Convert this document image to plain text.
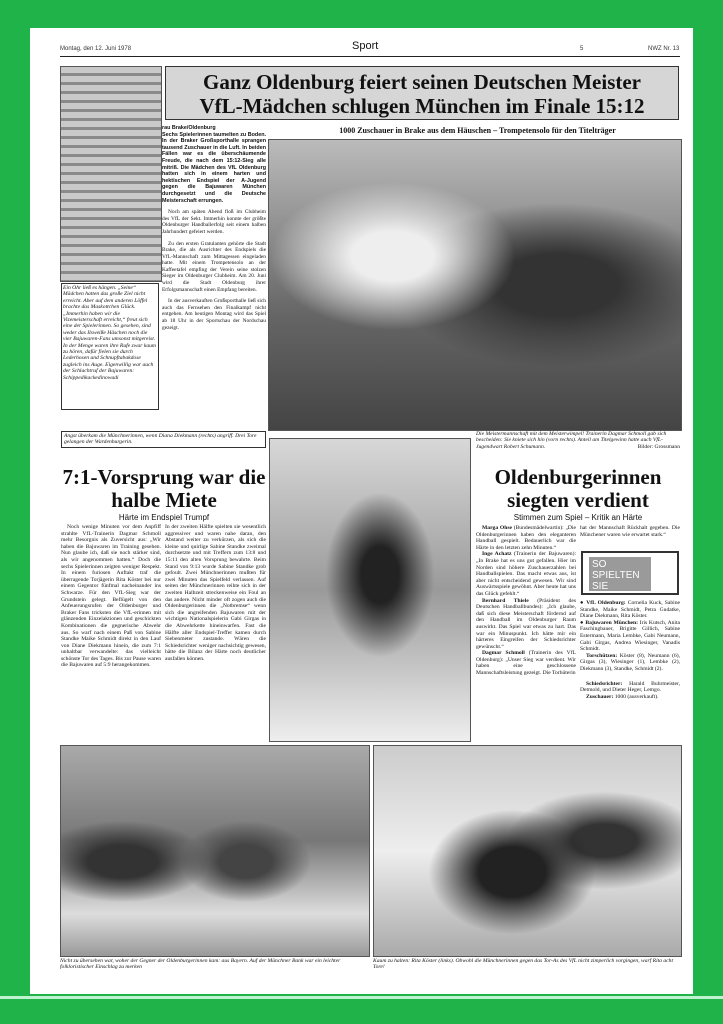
Montag, den 12. Juni 1978	Sport	5	NWZ Nr. 13
Ein Ohr ließ es hängen. „Seine“ Mädchen hatten das große Ziel nicht erreicht. Aber auf dem anderen Löffel brachte das Maskottchen Glück. „Immerhin haben wir die Vizemeisterschaft erreicht,“ freut sich eine der Spielerinnen. So gesehen, sind weder das Ilsweiße Häschen noch die vier Bajuwaren-Fans umsonst mitgereist. In der Menge waren ihre Rufe zwar kaum zu hören, dafür fielen sie durch Lederhosen und Schnupftabakdose zugleich ins Auge. Eigenwillig war auch der Schlachtruf der Bajuwaren: Schippedikackedinowadi
Ganz Oldenburg feiert seinen Deutschen Meister
VfL-Mädchen schlugen München im Finale 15:12
rau Brake/Oldenburg
Sechs Spielerinnen taumelten zu Boden. In der Braker Großsporthalle sprangen tausend Zuschauer in die Luft. In beiden Fällen war es die überschäumende Freude, die nach dem 15:12-Sieg alle mitriß. Die Mädchen des VfL Oldenburg hatten sich in einem harten und hektischen Endspiel der A-Jugend gegen die Bajuwaren München durchgesetzt und die Deutsche Meisterschaft errungen.
Noch am späten Abend floß im Clubheim des VfL der Sekt. Immerhin konnte der größte Oldenburger Handballerfolg seit einem halben Jahrhundert gefeiert werden.
Zu den ersten Gratulanten gehörte die Stadt Brake, die als Ausrichter des Endspiels die VfL-Mannschaft zum Mittagessen eingeladen hatte. Mit einem Trompetensolo an der Kaffeetafel empfing der Verein seine stolzen Sieger im Oldenburger Clubheim. Am 20. Juni wird die Stadt Oldenburg ihrer Erfolgsmannschaft einen Empfang bereiten.
In der ausverkauften Großsporthalle ließ sich auch das Fernsehen den Finalkampf nicht entgehen. Am heutigen Montag wird das Spiel ab 18 Uhr in der Sportschau der Nordschau gezeigt.
1000 Zuschauer in Brake aus dem Häuschen – Trompetensolo für den Titelträger
Angst überkam die Münchnerinnen, wenn Diana Diekmann (rechts) angriff. Drei Tore gelangen der Wardenburgerin.
Die Meistermannschaft mit dem Meisterwimpel! Trainerin Dagmar Schmoll gab sich bescheiden: Sie kniete sich hin (vorn rechts). Anteil am Titelgewinn hatte auch VfL-Jugendwart Robert Schumann.	Bilder: Grossmann
7:1-Vorsprung war die halbe Miete
Härte im Endspiel Trumpf
Noch wenige Minuten vor dem Anpfiff strahlte VfL-Trainerin Dagmar Schmoll mehr Besorgnis als Zuversicht aus: „Wir haben die Bajuwaren im Training gesehen. Nun glaube ich, daß sie noch stärker sind, als wir angenommen hatten.“ Doch die sechs Spielerinnen zeigten weniger Respekt. In einem furiosen Auftakt traf die überragende Torjägerin Rita Köster bei nur einem Gegentor fünfmal nacheinander ins Schwarze. Für den VfL-Sieg war der Grundstein gelegt. Beflügelt von den Anfeuerungsrufen der Oldenburger und Braker Fans tricksten die VfL-erinnen mit glänzenden Einzelaktionen und geschickten Kombinationen die gegnerische Abwehr aus. So warf nach einem Paß von Sabine Standke Maike Schmidt direkt in den Lauf von Diane Diekmann hinein, die zum 7:1 unhaltbar verwandelte: das vielleicht schönste Tor des Tages. Bis zur Pause waren die Bajuwaren auf 5:9 herangekommen.
In der zweiten Hälfte spielten sie wesentlich aggressiver und waren nahe daran, den Abstand weiter zu verkürzen, als sich die kleine und quirlige Sabine Standke zweimal durchsetzte und mit Treffern zum 13:8 und 15:11 den alten Vorsprung bewahrte. Beim Stand von 9:13 wurde Sabine Standke grob gefoult. Zwei Münchnerinnen mußten für zwei Minuten das Spielfeld verlassen. Auf seiten der Münchnerinnen reihte sich in der zweiten Halbzeit streckenweise ein Foul an das andere. Nicht minder oft zogen auch die Oldenburgerinnen die „Notbremse“ wenn sich die angreifenden Bajuwaren mit der wichtigen Nationalspielerin Gabi Girgas in die Abwehrkette hineinwarfen. Fast die Hälfte aller Endspiel-Treffer kamen durch Siebenmeter zustande. Wären die Schiedsrichter weniger nachsichtig gewesen, hätte die Bilanz der Härte noch deutlicher ausfallen können.
Oldenburgerinnen siegten verdient
Stimmen zum Spiel – Kritik an Härte
Marga Ohse (Bundesmädelwartin): „Die Oldenburgerinnen haben den eleganteren Handball gespielt. Bedauerlich war die Härte in den letzten zehn Minuten.“
Inge Achatz (Trainerin der Bajuwaren): „In Brake hat es uns gut gefallen. Hier im Norden sind höhere Zuschauerzahlen bei Handballspielen. Das macht etwas aus, ist aber nicht entscheidend gewesen. Wir sind Auswärtsspiele gewöhnt. Aber heute hat uns das Glück gefehlt.“
Bernhard Thiele (Präsident des Deutschen Handballbundes): „Ich glaube, daß sich diese Meisterschaft fördernd auf den Handball im Oldenburger Raum auswirkt. Das Spiel war etwas zu hart. Das war ein Minuspunkt. Ich hätte mir ein härteres Eingreifen der Schiedsrichter gewünscht.“
Dagmar Schmoll (Trainerin des VfL Oldenburg): „Unser Sieg war verdient. Wir haben eine geschlossene Mannschaftsleistung gezeigt. Die Torhüterin
hat der Mannschaft Rückhalt gegeben. Die Münchener waren wie erwartet stark.“
SO SPIELTEN SIE
● VfL Oldenburg: Cornelia Kuck, Sabine Standke, Maike Schmidt, Petra Gudatke, Diane Diekmann, Rita Köster.
● Bajuwaren München: Iris Kutsch, Anita Faschingbauer, Brigitte Gillich, Sabine Estermann, Maria Lembke, Gabi Neumann, Gabi Girgas, Andrea Wiesinger, Vanadis Schmidt.
Torschützen: Köster (8), Neumann (6), Girgas (3), Wiesinger (1), Lembke (2), Diekmann (3), Standke, Schmidt (2).
Schiedsrichter: Harald Buhrmeister, Detmold, und Dieter Heger, Lemgo.
Zuschauer: 1000 (ausverkauft).
Nicht zu übersehen war, woher der Gegner der Oldenburgerinnen kam: aus Bayern. Auf der Münchner Bank war ein leichter folkloristischer Einschlag zu merken
Kaum zu halten: Rita Köster (links). Obwohl die Münchnerinnen gegen das Tor-As des VfL nicht zimperlich vorgingen, warf Rita acht Tore!
